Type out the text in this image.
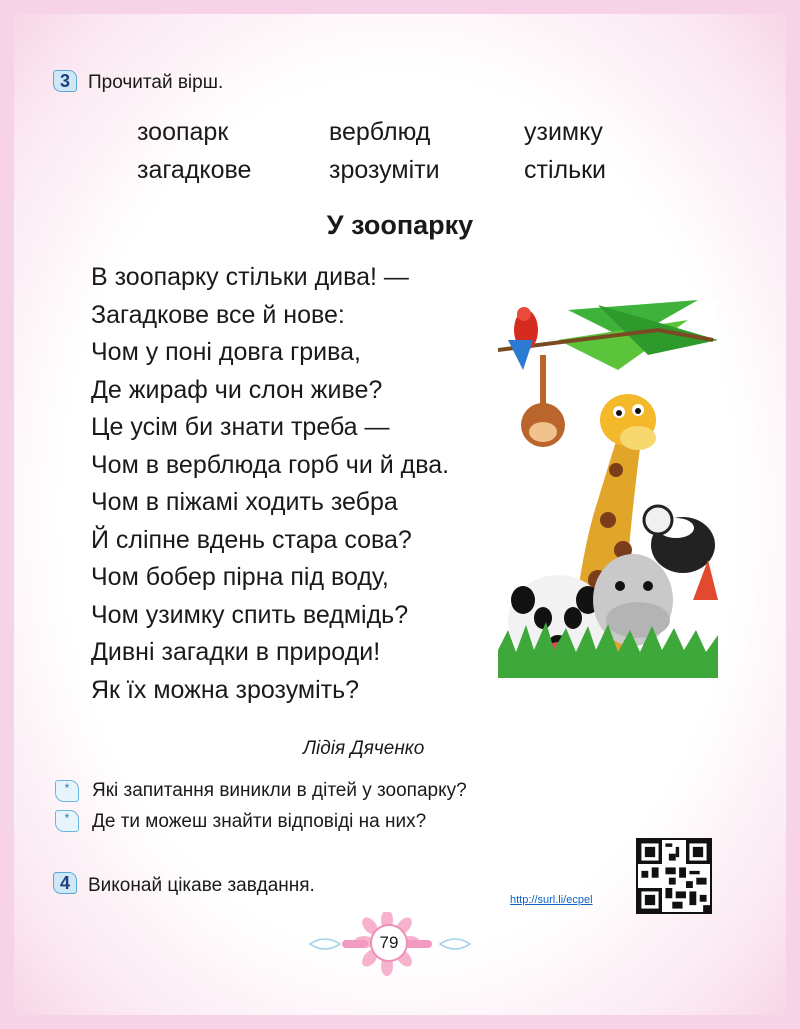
3 Прочитай вірш.
зоопарк	верблюд	узимку
загадкове	зрозуміти	стільки
У зоопарку
В зоопарку стільки дива! —
Загадкове все й нове:
Чом у поні довга грива,
Де жираф чи слон живе?
Це усім би знати треба —
Чом в верблюда горб чи й два.
Чом в піжамі ходить зебра
Й сліпне вдень стара сова?
Чом бобер пірна під воду,
Чом узимку спить ведмідь?
Дивні загадки в природи!
Як їх можна зрозуміть?
Лідія Дяченко
*	Які запитання виникли в дітей у зоопарку?
*	Де ти можеш знайти відповіді на них?
4 Виконай цікаве завдання.
http://surl.li/ecpel
79
